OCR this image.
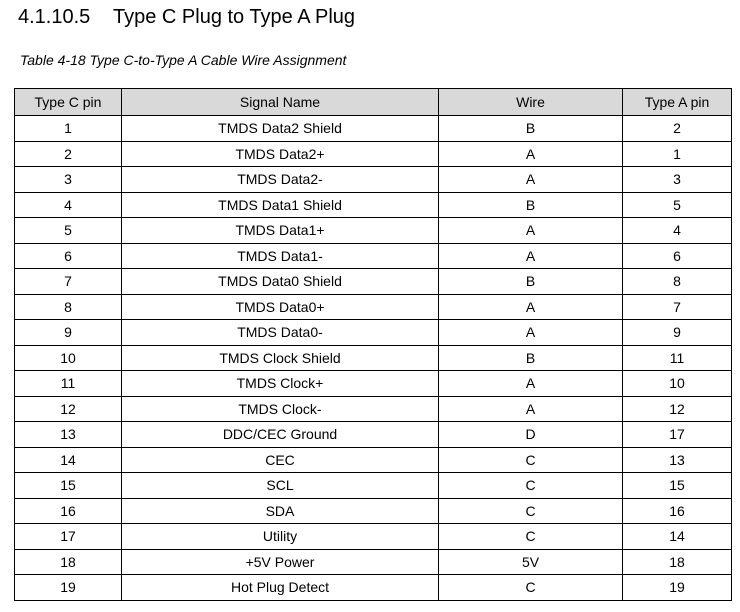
4.1.10.5 Type C Plug to Type A Plug
Table 4-18 Type C-to-Type A Cable Wire Assignment
Type C pin	Signal Name	Wire	Type A pin
1	TMDS Data2 Shield	B	2
2	TMDS Data2+	A	1
3	TMDS Data2-	A	3
4	TMDS Data1 Shield	B	5
5	TMDS Data1+	A	4
6	TMDS Data1-	A	6
7	TMDS Data0 Shield	B	8
8	TMDS Data0+	A	7
9	TMDS Data0-	A	9
10	TMDS Clock Shield	B	11
11	TMDS Clock+	A	10
12	TMDS Clock-	A	12
13	DDC/CEC Ground	D	17
14	CEC	C	13
15	SCL	C	15
16	SDA	C	16
17	Utility	C	14
18	+5V Power	5V	18
19	Hot Plug Detect	C	19
